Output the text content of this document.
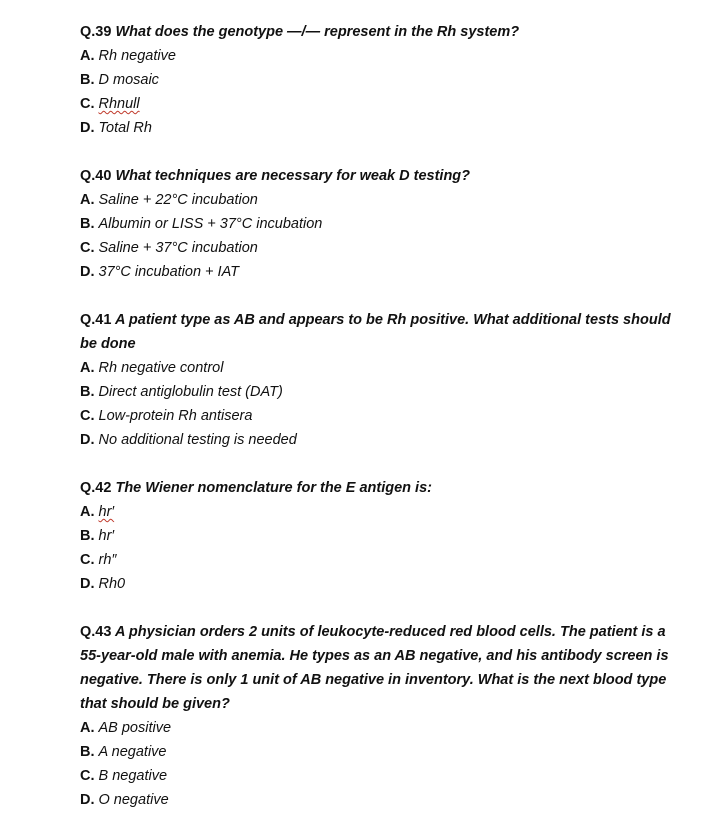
Q.39 What does the genotype —/— represent in the Rh system?

A. Rh negative

B. D mosaic

C. Rhnull

D. Total Rh

Q.40 What techniques are necessary for weak D testing?

A. Saline + 22°C incubation

B. Albumin or LISS + 37°C incubation

C. Saline + 37°C incubation

D. 37°C incubation + IAT

Q.41 A patient type as AB and appears to be Rh positive. What additional tests should be done

A. Rh negative control

B. Direct antiglobulin test (DAT)

C. Low-protein Rh antisera

D. No additional testing is needed

Q.42 The Wiener nomenclature for the E antigen is:

A. hr′

B. hr′

C. rh″

D. Rh0

Q.43 A physician orders 2 units of leukocyte-reduced red blood cells. The patient is a 55-year-old male with anemia. He types as an AB negative, and his antibody screen is negative. There is only 1 unit of AB negative in inventory. What is the next blood type that should be given?

A. AB positive

B. A negative

C. B negative

D. O negative
